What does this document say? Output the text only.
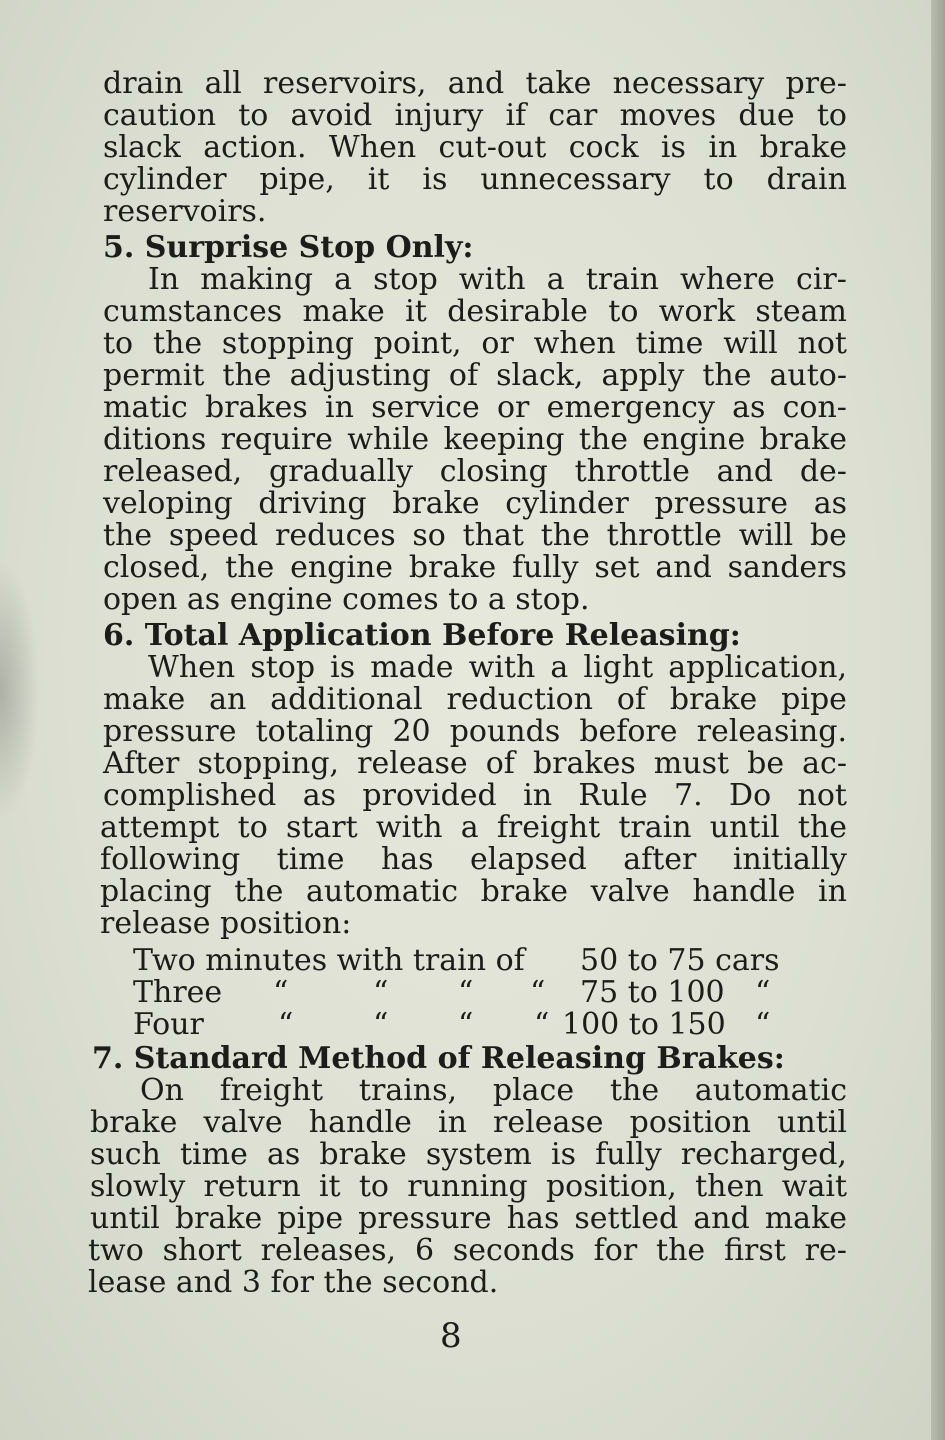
drain all reservoirs, and take necessary pre-
caution to avoid injury if car moves due to
slack action. When cut-out cock is in brake
cylinder pipe, it is unnecessary to drain
reservoirs.
5. Surprise Stop Only:
In making a stop with a train where cir-
cumstances make it desirable to work steam
to the stopping point, or when time will not
permit the adjusting of slack, apply the auto-
matic brakes in service or emergency as con-
ditions require while keeping the engine brake
released, gradually closing throttle and de-
veloping driving brake cylinder pressure as
the speed reduces so that the throttle will be
closed, the engine brake fully set and sanders
open as engine comes to a stop.
6. Total Application Before Releasing:
When stop is made with a light application,
make an additional reduction of brake pipe
pressure totaling 20 pounds before releasing.
After stopping, release of brakes must be ac-
complished as provided in Rule 7. Do not
attempt to start with a freight train until the
following time has elapsed after initially
placing the automatic brake valve handle in
release position:
Two minutes with train of 50 to 75 cars
Three “	“ “ “ 75 to 100 “
Four “	“ “ “ 100 to 150 “
7. Standard Method of Releasing Brakes:
On freight trains, place the automatic
brake valve handle in release position until
such time as brake system is fully recharged,
slowly return it to running position, then wait
until brake pipe pressure has settled and make
two short releases, 6 seconds for the first re-
lease and 3 for the second.
8
